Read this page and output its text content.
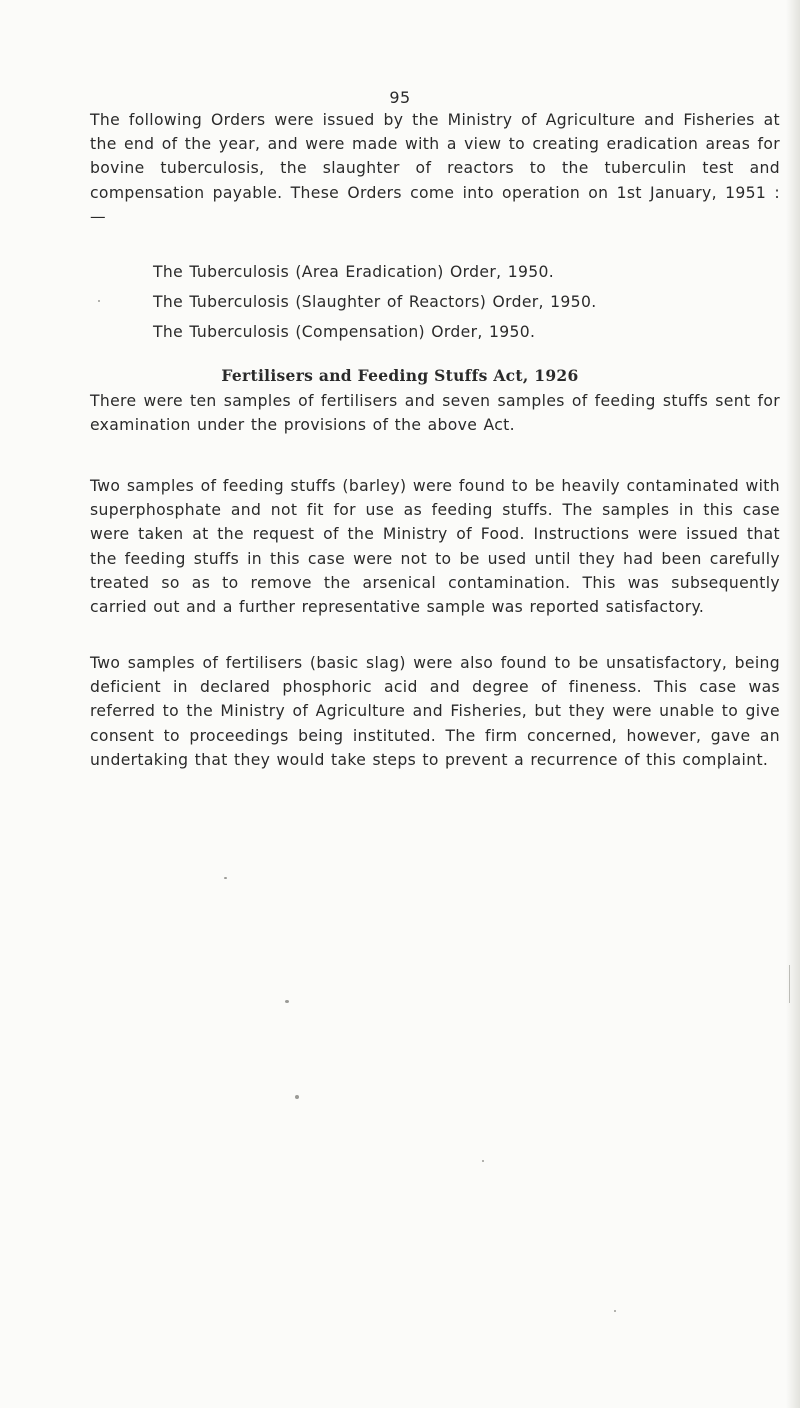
95

The following Orders were issued by the Ministry of Agriculture and Fisheries at the end of the year, and were made with a view to creating eradication areas for bovine tuberculosis, the slaughter of reactors to the tuberculin test and compensation payable. These Orders come into operation on 1st January, 1951 : —

The Tuberculosis (Area Eradication) Order, 1950.
The Tuberculosis (Slaughter of Reactors) Order, 1950.
The Tuberculosis (Compensation) Order, 1950.
Fertilisers and Feeding Stuffs Act, 1926

There were ten samples of fertilisers and seven samples of feeding stuffs sent for examination under the provisions of the above Act.

Two samples of feeding stuffs (barley) were found to be heavily contaminated with superphosphate and not fit for use as feeding stuffs. The samples in this case were taken at the request of the Ministry of Food. Instructions were issued that the feeding stuffs in this case were not to be used until they had been carefully treated so as to remove the arsenical contamination. This was subsequently carried out and a further representative sample was reported satisfactory.

Two samples of fertilisers (basic slag) were also found to be unsatisfactory, being deficient in declared phosphoric acid and degree of fineness. This case was referred to the Ministry of Agriculture and Fisheries, but they were unable to give consent to proceedings being instituted. The firm concerned, however, gave an undertaking that they would take steps to prevent a recurrence of this complaint.
